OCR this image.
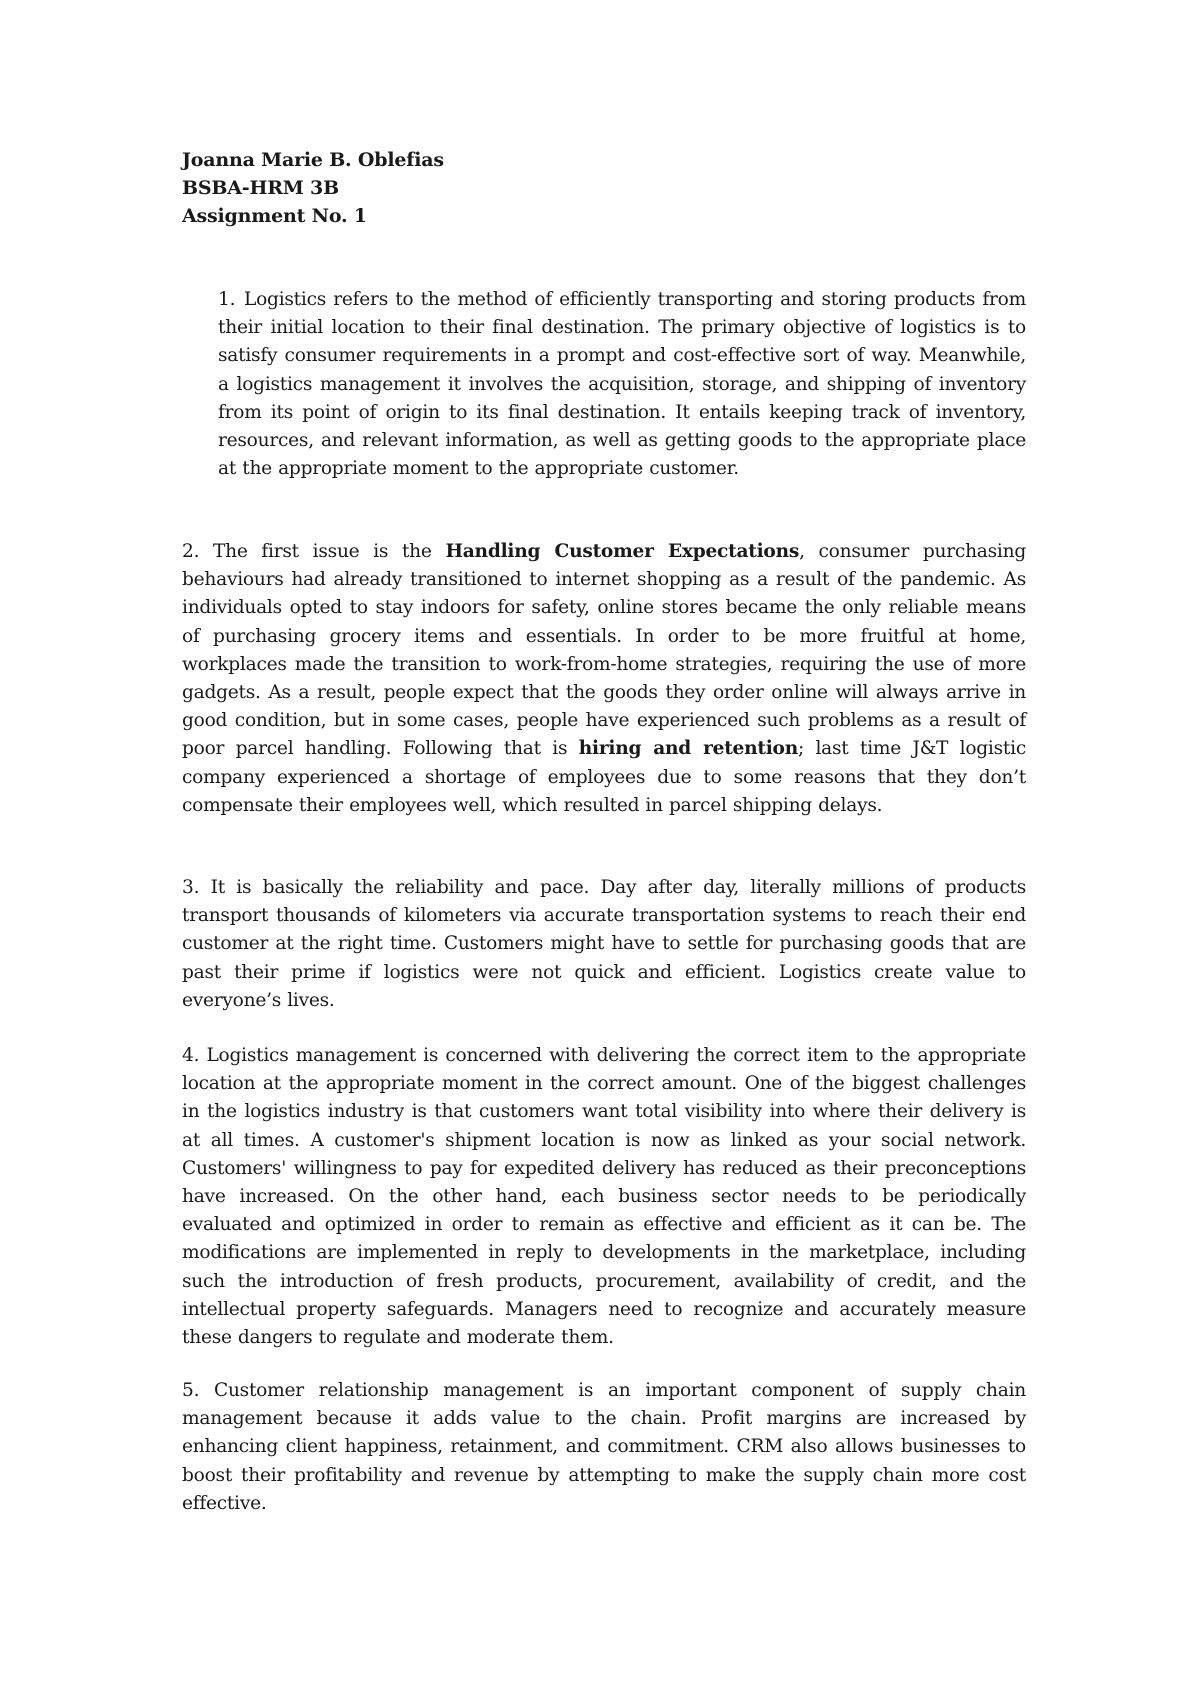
Joanna Marie B. Oblefias
BSBA-HRM 3B
Assignment No. 1
1. Logistics refers to the method of efficiently transporting and storing products from their initial location to their final destination. The primary objective of logistics is to satisfy consumer requirements in a prompt and cost-effective sort of way. Meanwhile, a logistics management it involves the acquisition, storage, and shipping of inventory from its point of origin to its final destination. It entails keeping track of inventory, resources, and relevant information, as well as getting goods to the appropriate place at the appropriate moment to the appropriate customer.
2. The first issue is the Handling Customer Expectations, consumer purchasing behaviours had already transitioned to internet shopping as a result of the pandemic. As individuals opted to stay indoors for safety, online stores became the only reliable means of purchasing grocery items and essentials. In order to be more fruitful at home, workplaces made the transition to work-from-home strategies, requiring the use of more gadgets. As a result, people expect that the goods they order online will always arrive in good condition, but in some cases, people have experienced such problems as a result of poor parcel handling. Following that is hiring and retention; last time J&T logistic company experienced a shortage of employees due to some reasons that they don’t compensate their employees well, which resulted in parcel shipping delays.
3. It is basically the reliability and pace. Day after day, literally millions of products transport thousands of kilometers via accurate transportation systems to reach their end customer at the right time. Customers might have to settle for purchasing goods that are past their prime if logistics were not quick and efficient. Logistics create value to everyone’s lives.
4. Logistics management is concerned with delivering the correct item to the appropriate location at the appropriate moment in the correct amount. One of the biggest challenges in the logistics industry is that customers want total visibility into where their delivery is at all times. A customer's shipment location is now as linked as your social network. Customers' willingness to pay for expedited delivery has reduced as their preconceptions have increased. On the other hand, each business sector needs to be periodically evaluated and optimized in order to remain as effective and efficient as it can be. The modifications are implemented in reply to developments in the marketplace, including such the introduction of fresh products, procurement, availability of credit, and the intellectual property safeguards. Managers need to recognize and accurately measure these dangers to regulate and moderate them.
5. Customer relationship management is an important component of supply chain management because it adds value to the chain. Profit margins are increased by enhancing client happiness, retainment, and commitment. CRM also allows businesses to boost their profitability and revenue by attempting to make the supply chain more cost effective.
